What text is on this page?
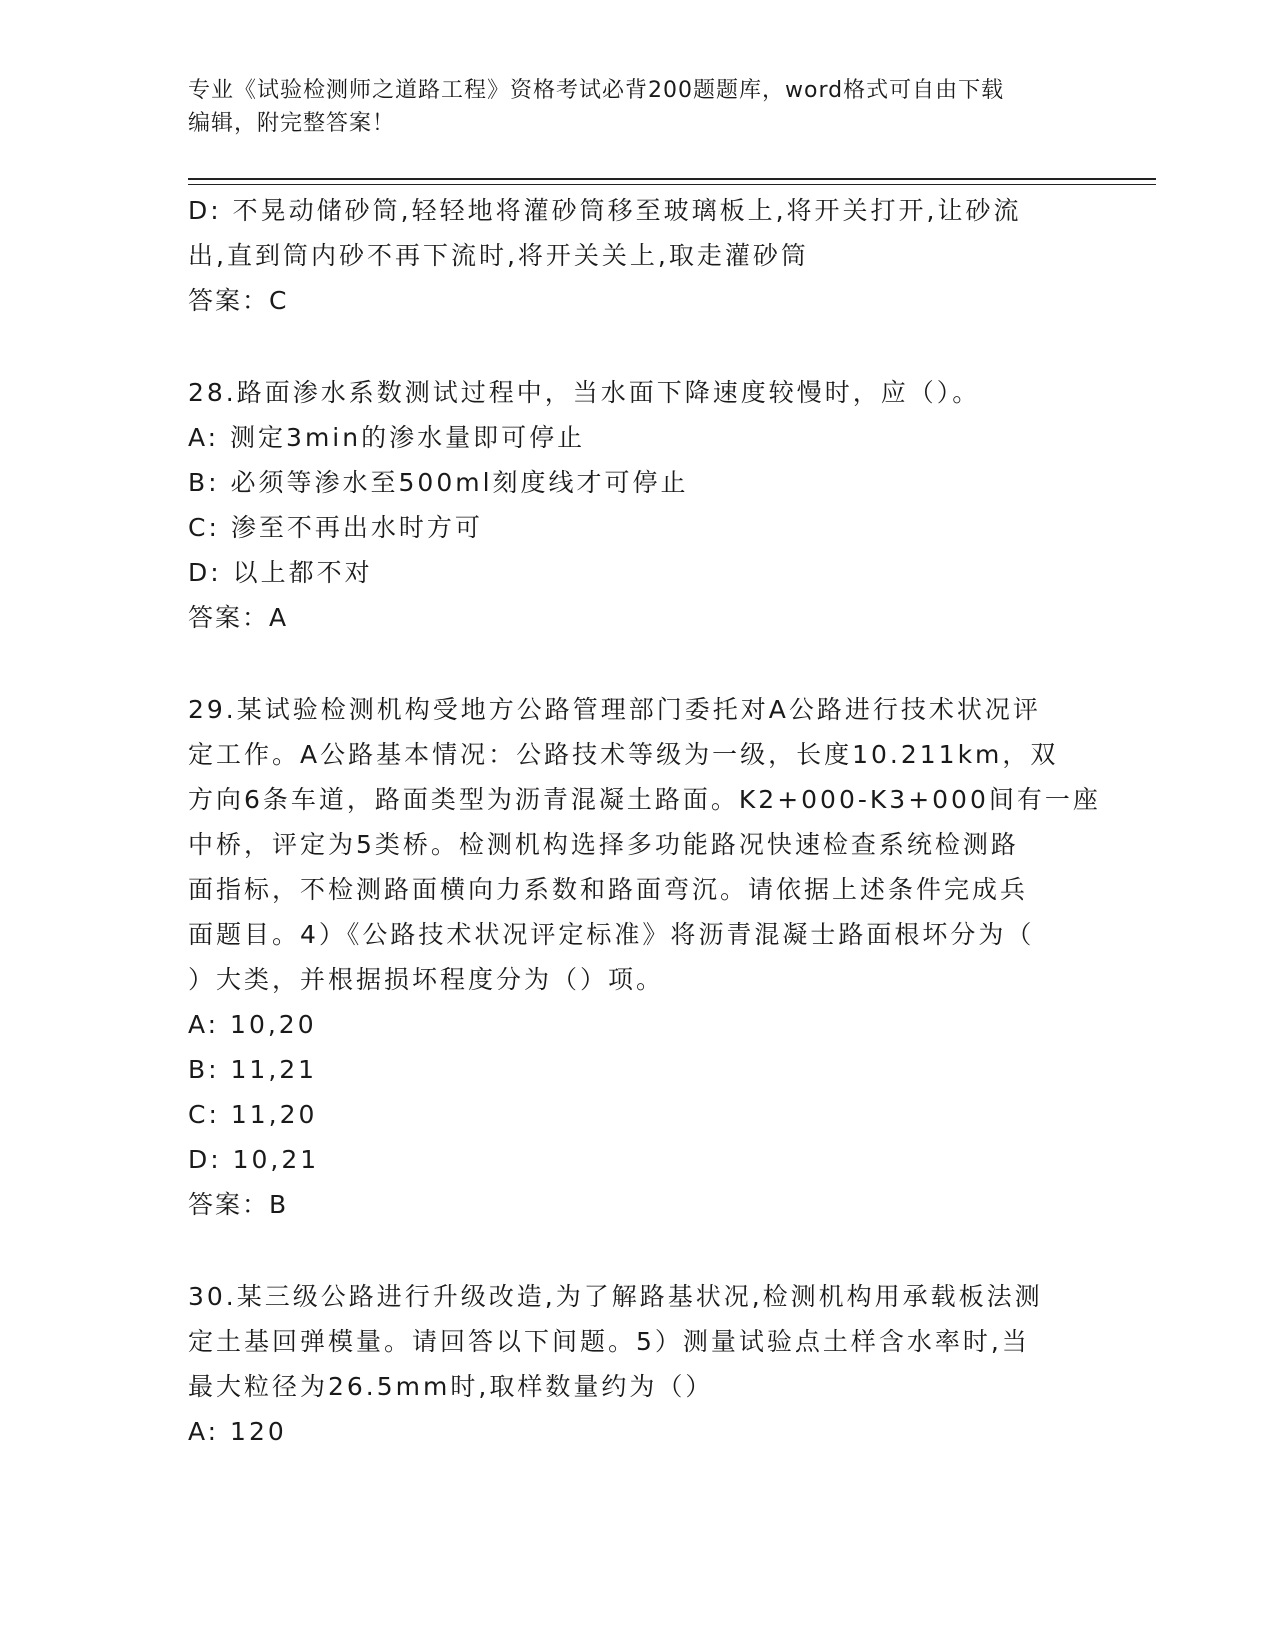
专业《试验检测师之道路工程》资格考试必背200题题库，word格式可自由下载
编辑，附完整答案！
D: 不晃动储砂筒,轻轻地将灌砂筒移至玻璃板上,将开关打开,让砂流
出,直到筒内砂不再下流时,将开关关上,取走灌砂筒
答案：C
28.路面渗水系数测试过程中，当水面下降速度较慢时，应（）。
A: 测定3min的渗水量即可停止
B: 必须等渗水至500ml刻度线才可停止
C: 渗至不再出水时方可
D: 以上都不对
答案：A
29.某试验检测机构受地方公路管理部门委托对A公路进行技术状况评
定工作。A公路基本情况：公路技术等级为一级，长度10.211km，双
方向6条车道，路面类型为沥青混凝土路面。K2+000-K3+000间有一座
中桥，评定为5类桥。检测机构选择多功能路况快速检查系统检测路
面指标，不检测路面横向力系数和路面弯沉。请依据上述条件完成兵
面题目。4）《公路技术状况评定标准》将沥青混凝士路面根坏分为（
）大类，并根据损坏程度分为（）项。
A: 10,20
B: 11,21
C: 11,20
D: 10,21
答案：B
30.某三级公路进行升级改造,为了解路基状况,检测机构用承载板法测
定土基回弹模量。请回答以下间题。5）测量试验点土样含水率时,当
最大粒径为26.5mm时,取样数量约为（）
A: 120
